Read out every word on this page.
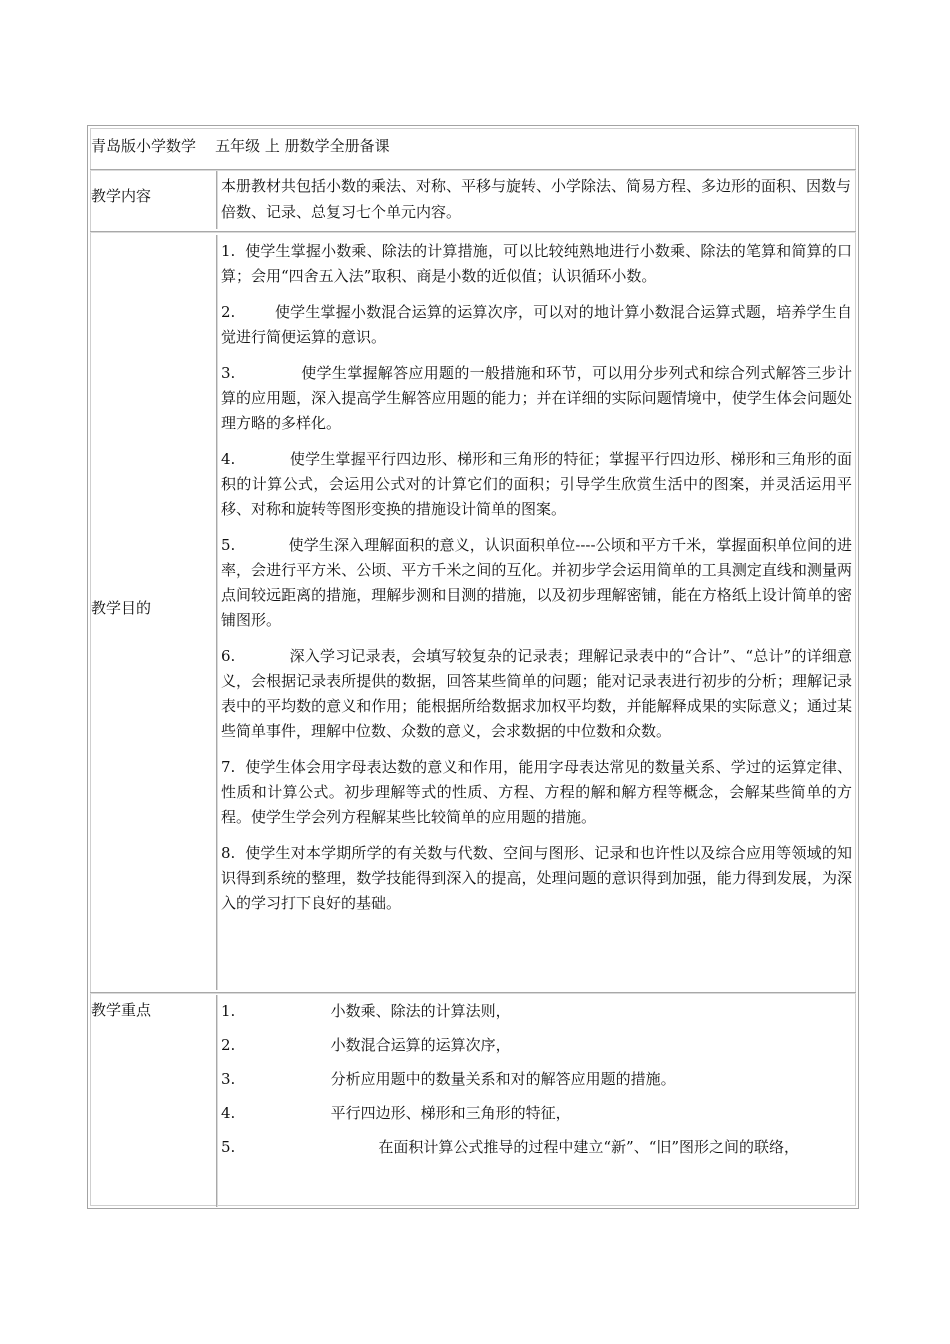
青岛版小学数学    五年级 上 册数学全册备课
教学内容
本册教材共包括小数的乘法、对称、平移与旋转、小学除法、简易方程、多边形的面积、因数与倍数、记录、总复习七个单元内容。
教学目的

1.  使学生掌握小数乘、除法的计算措施，可以比较纯熟地进行小数乘、除法的笔算和简算的口算；会用“四舍五入法”取积、商是小数的近似值；认识循环小数。

2.        使学生掌握小数混合运算的运算次序，可以对的地计算小数混合运算式题，培养学生自觉进行简便运算的意识。

3.             使学生掌握解答应用题的一般措施和环节，可以用分步列式和综合列式解答三步计算的应用题，深入提高学生解答应用题的能力；并在详细的实际问题情境中，使学生体会问题处理方略的多样化。

4.           使学生掌握平行四边形、梯形和三角形的特征；掌握平行四边形、梯形和三角形的面积的计算公式，会运用公式对的计算它们的面积；引导学生欣赏生活中的图案，并灵活运用平移、对称和旋转等图形变换的措施设计简单的图案。

5.           使学生深入理解面积的意义，认识面积单位----公顷和平方千米，掌握面积单位间的进率，会进行平方米、公顷、平方千米之间的互化。并初步学会运用简单的工具测定直线和测量两点间较远距离的措施，理解步测和目测的措施，以及初步理解密铺，能在方格纸上设计简单的密铺图形。

6.           深入学习记录表，会填写较复杂的记录表；理解记录表中的“合计”、“总计”的详细意义，会根据记录表所提供的数据，回答某些简单的问题；能对记录表进行初步的分析；理解记录表中的平均数的意义和作用；能根据所给数据求加权平均数，并能解释成果的实际意义；通过某些简单事件，理解中位数、众数的意义，会求数据的中位数和众数。

7.  使学生体会用字母表达数的意义和作用，能用字母表达常见的数量关系、学过的运算定律、性质和计算公式。初步理解等式的性质、方程、方程的解和解方程等概念，会解某些简单的方程。使学生学会列方程解某些比较简单的应用题的措施。

8.  使学生对本学期所学的有关数与代数、空间与图形、记录和也许性以及综合应用等领域的知识得到系统的整理，数学技能得到深入的提高，处理问题的意识得到加强，能力得到发展，为深入的学习打下良好的基础。

教学重点	1.                    小数乘、除法的计算法则，

2.                    小数混合运算的运算次序，

3.                    分析应用题中的数量关系和对的解答应用题的措施。

4.                    平行四边形、梯形和三角形的特征，

5.                              在面积计算公式推导的过程中建立“新”、“旧”图形之间的联络，
